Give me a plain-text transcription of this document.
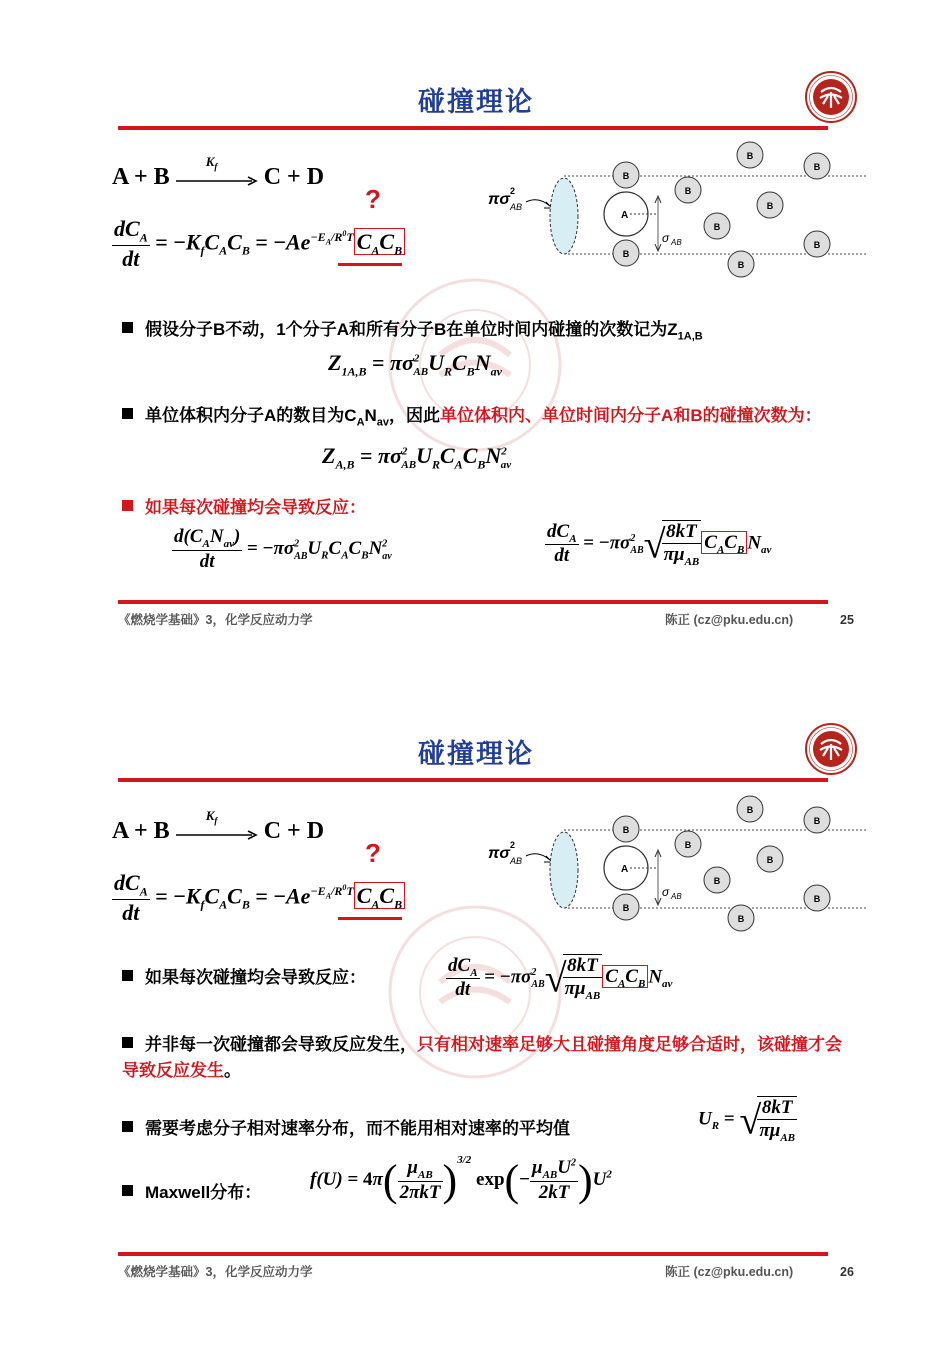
碰撞理论
A + B
$K_f$ C + D
?
$\frac{dC_A}{dt} = -K_fC_AC_B = -Ae^{-E_A/R^0T}$ $C_AC_B$
πσ 2
AB
A
σ AB
B
B
B
B
B
B
B
B
B
假设分子B不动，1个分子A和所有分子B在单位时间内碰撞的次数记为$Z_{1A,B}$
$Z_{1A,B} = \pi\sigma^2_{AB}U_RC_BN_{av}$
单位体积内分子A的数目为$C_AN_{av}$，因此单位体积内、单位时间内分子A和B的碰撞次数为：
$Z_{A,B} = \pi\sigma^2_{AB}U_RC_AC_BN^2_{av}$
如果每次碰撞均会导致反应：
$\frac{d(C_AN_{av})}{dt} = -\pi\sigma^2_{AB}U_RC_AC_BN^2_{av}$	$\frac{dC_A}{dt} = -\pi\sigma^2_{AB}√$
$\frac{8kT}{\pi\mu_{AB}} C_AC_B$ $N_{av}$
《燃烧学基础》3，化学反应动力学	陈正 (cz@pku.edu.cn)	25
碰撞理论
A + B
$K_f$ C + D
?
$\frac{dC_A}{dt} = -K_fC_AC_B = -Ae^{-E_A/R^0T}$ $C_AC_B$
πσ 2
AB
A
σ AB
B
B
B
B
B
B
B
B
B
如果每次碰撞均会导致反应：	$\frac{dC_A}{dt} = -\pi\sigma^2_{AB}√$
$\frac{8kT}{\pi\mu_{AB}} C_AC_B$ $N_{av}$
并非每一次碰撞都会导致反应发生，只有相对速率足够大且碰撞角度足够合适时，该碰撞才会导致反应发生。
需要考虑分子相对速率分布，而不能用相对速率的平均值	$U_R$ = √
$\frac{8kT}{\pi\mu_{AB}}$
Maxwell分布：
$f(U) = 4\pi( \frac{\mu_{AB}}{\text{2πkT}} )^{3/2}$ $\exp(- \frac{\mu_{AB}U^2}{2kT} )U^2$
《燃烧学基础》3，化学反应动力学	陈正 (cz@pku.edu.cn)	26
